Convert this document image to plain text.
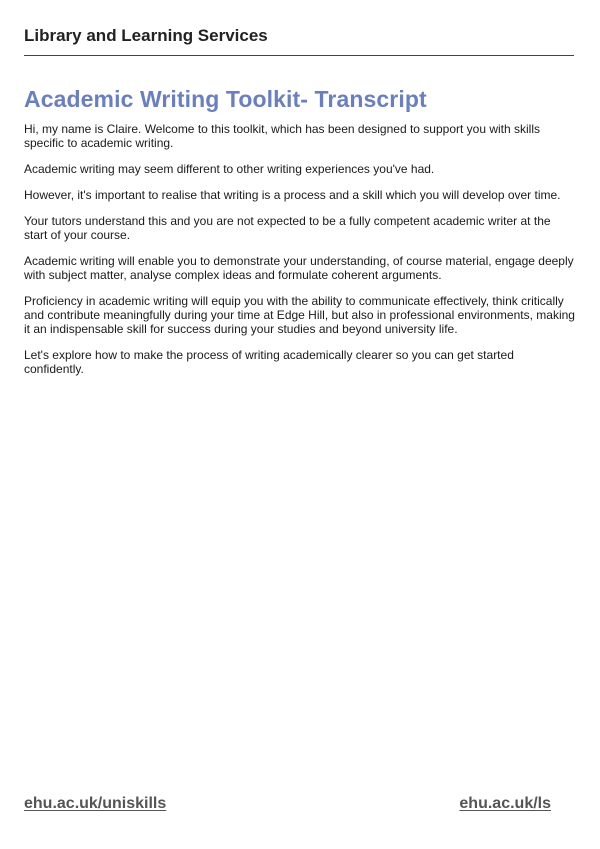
Library and Learning Services
Academic Writing Toolkit- Transcript

Hi, my name is Claire. Welcome to this toolkit, which has been designed to support you with skills specific to academic writing.

Academic writing may seem different to other writing experiences you've had.

However, it's important to realise that writing is a process and a skill which you will develop over time.

Your tutors understand this and you are not expected to be a fully competent academic writer at the start of your course.

Academic writing will enable you to demonstrate your understanding, of course material, engage deeply with subject matter, analyse complex ideas and formulate coherent arguments.

Proficiency in academic writing will equip you with the ability to communicate effectively, think critically and contribute meaningfully during your time at Edge Hill, but also in professional environments, making it an indispensable skill for success during your studies and beyond university life.

Let's explore how to make the process of writing academically clearer so you can get started confidently.

ehu.ac.uk/uniskills	ehu.ac.uk/ls
